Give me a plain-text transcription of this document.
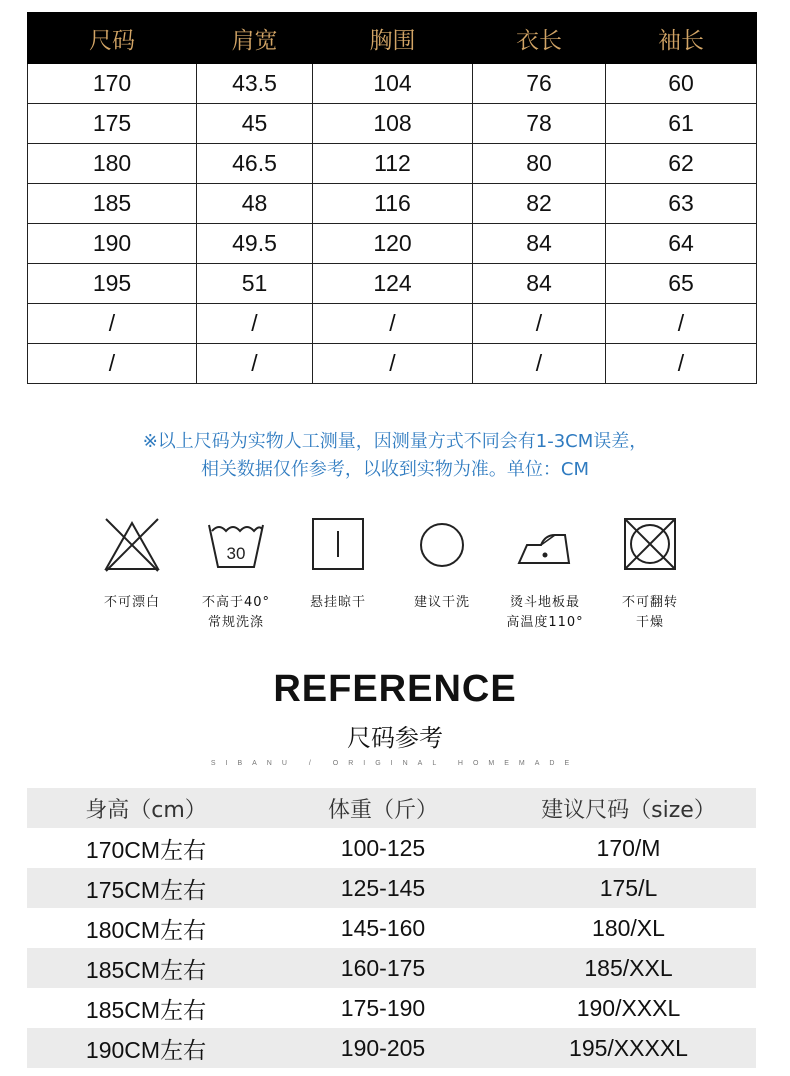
尺码	肩宽	胸围	衣长	袖长
170	43.5	104	76	60
175	45	108	78	61
180	46.5	112	80	62
185	48	116	82	63
190	49.5	120	84	64
195	51	124	84	65
/	/	/	/	/
/	/	/	/	/
※以上尺码为实物人工测量，因测量方式不同会有1-3CM误差，
相关数据仅作参考，以收到实物为准。单位：CM
不可漂白

30
不高于40°
常规洗涤
悬挂晾干	建议干洗	烫斗地板最
高温度110°
不可翻转
干燥
REFERENCE
尺码参考
SIBANU / ORIGINAL HOMEMADE
身高（cm）	体重（斤）	建议尺码（size）
170CM左右	100-125	170/M
175CM左右	125-145	175/L
180CM左右	145-160	180/XL
185CM左右	160-175	185/XXL
185CM左右	175-190	190/XXXL
190CM左右	190-205	195/XXXXL
